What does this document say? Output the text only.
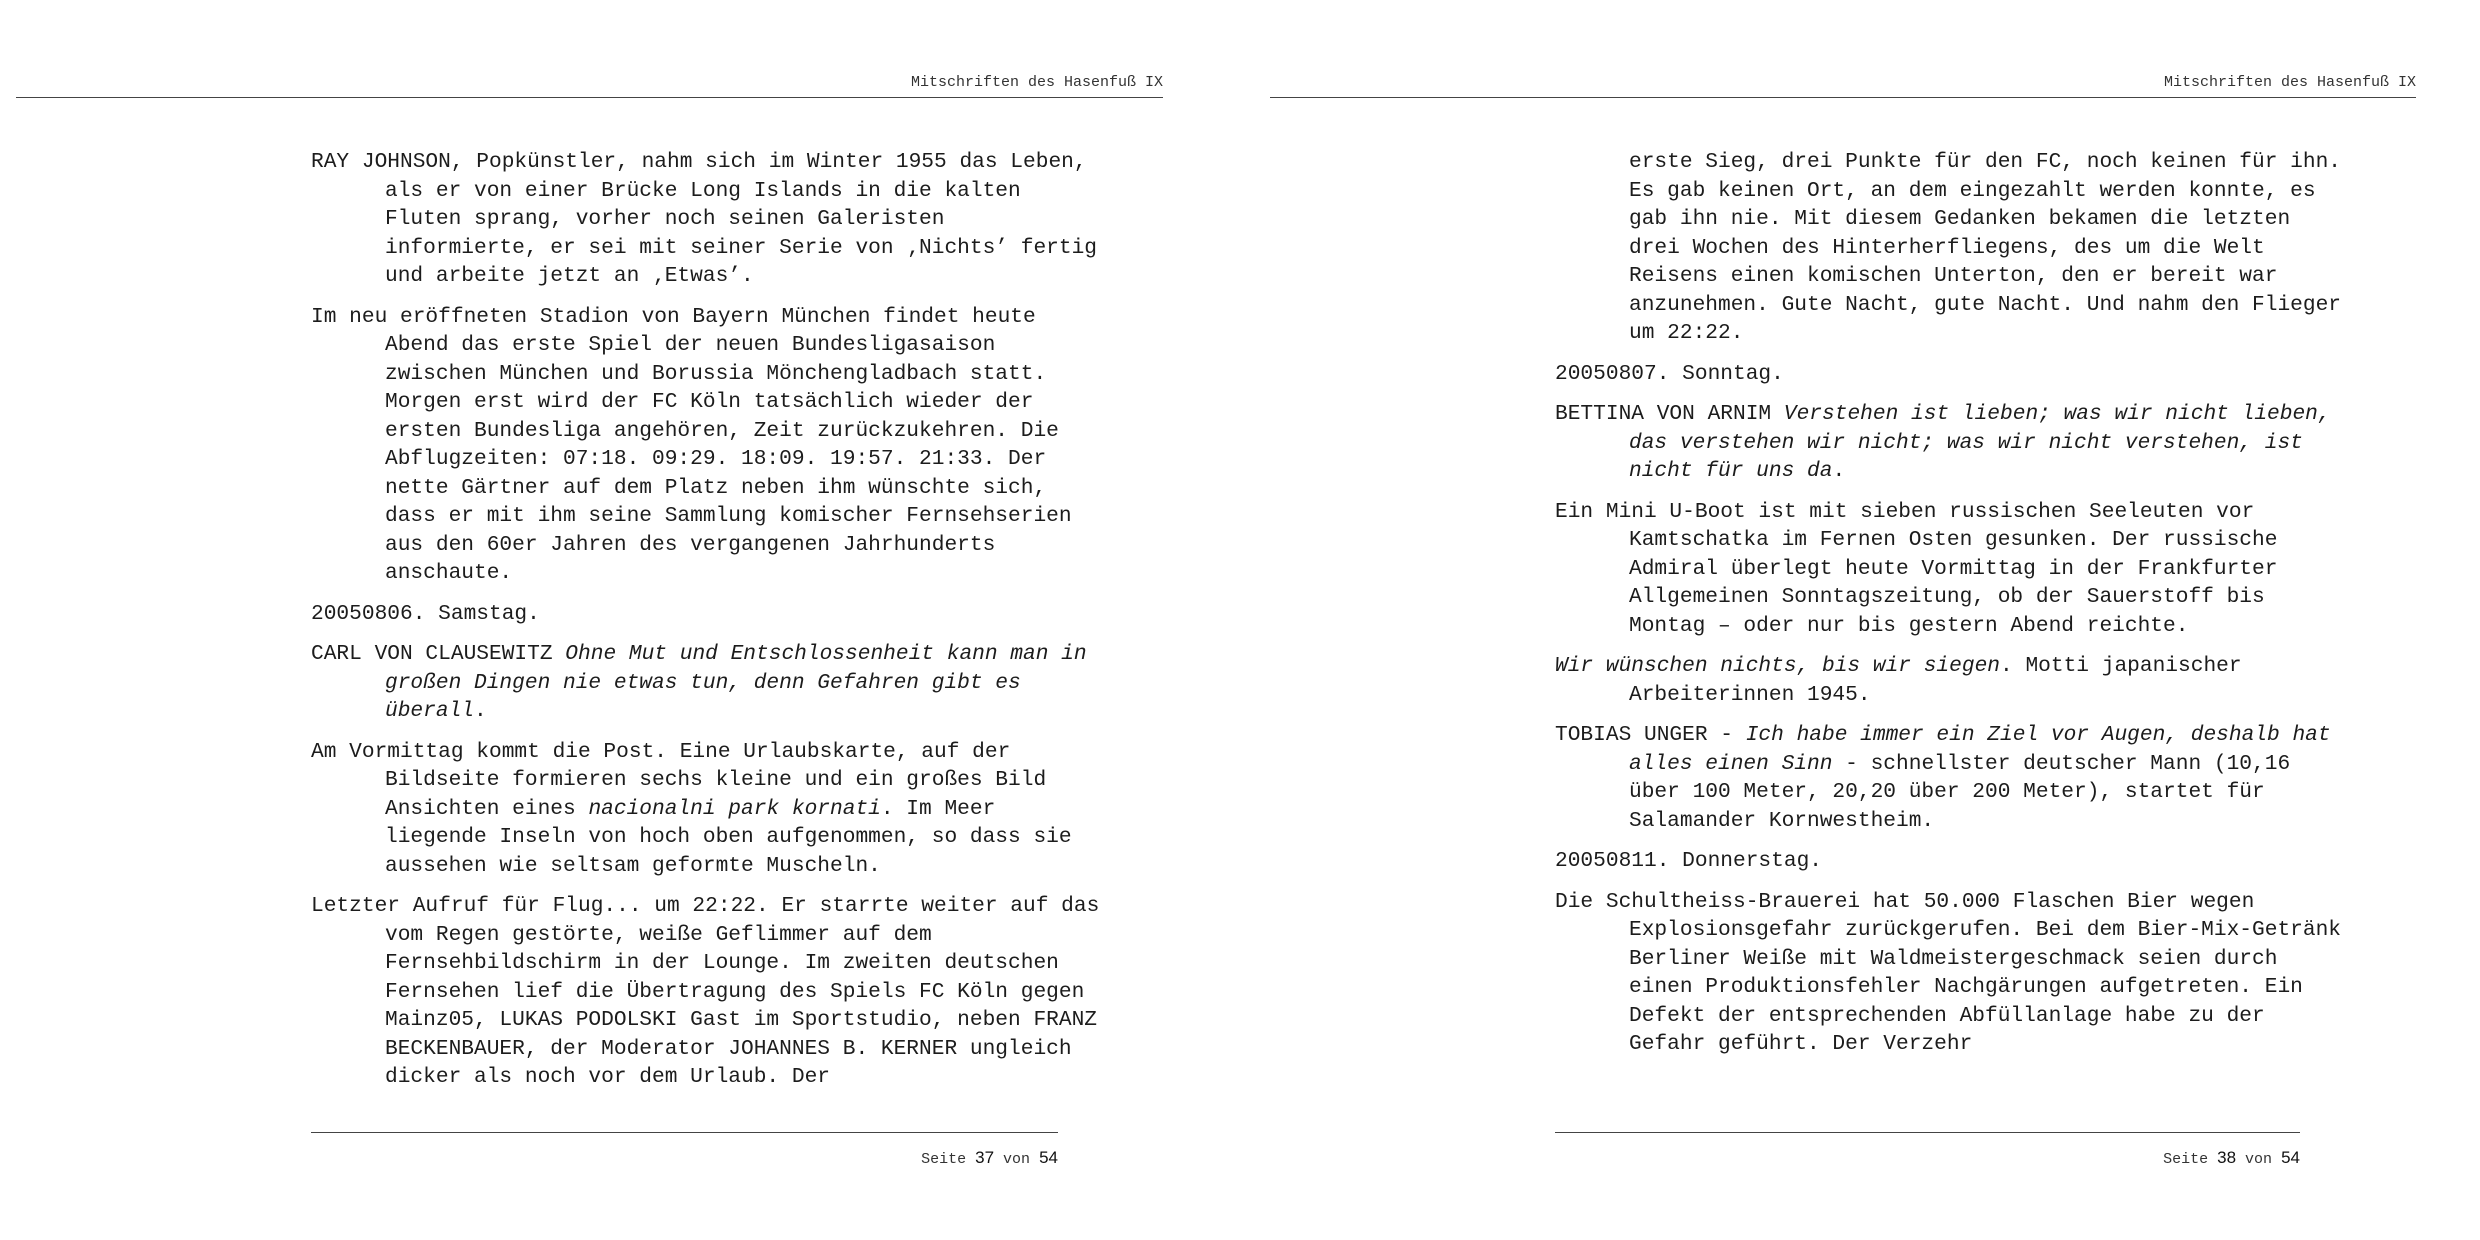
Mitschriften des Hasenfuß IX

RAY JOHNSON, Popkünstler, nahm sich im Winter 1955 das Leben, als er von einer Brücke Long Islands in die kalten Fluten sprang, vorher noch seinen Galeristen informierte, er sei mit seiner Serie von ‚Nichts’ fertig und arbeite jetzt an ‚Etwas’.

Im neu eröffneten Stadion von Bayern München findet heute Abend das erste Spiel der neuen Bundesligasaison zwischen München und Borussia Mönchengladbach statt. Morgen erst wird der FC Köln tatsächlich wieder der ersten Bundesliga angehören, Zeit zurückzukehren. Die Abflugzeiten: 07:18. 09:29. 18:09. 19:57. 21:33. Der nette Gärtner auf dem Platz neben ihm wünschte sich, dass er mit ihm seine Sammlung komischer Fernsehserien aus den 60er Jahren des vergangenen Jahrhunderts anschaute.

20050806. Samstag.

CARL VON CLAUSEWITZ Ohne Mut und Entschlossenheit kann man in großen Dingen nie etwas tun, denn Gefahren gibt es überall.

Am Vormittag kommt die Post. Eine Urlaubskarte, auf der Bildseite formieren sechs kleine und ein großes Bild Ansichten eines nacionalni park kornati. Im Meer liegende Inseln von hoch oben aufgenommen, so dass sie aussehen wie seltsam geformte Muscheln.

Letzter Aufruf für Flug... um 22:22. Er starrte weiter auf das vom Regen gestörte, weiße Geflimmer auf dem Fernsehbildschirm in der Lounge. Im zweiten deutschen Fernsehen lief die Übertragung des Spiels FC Köln gegen Mainz05, LUKAS PODOLSKI Gast im Sportstudio, neben FRANZ BECKENBAUER, der Moderator JOHANNES B. KERNER ungleich dicker als noch vor dem Urlaub. Der

Seite 37 von 54
Mitschriften des Hasenfuß IX

erste Sieg, drei Punkte für den FC, noch keinen für ihn. Es gab keinen Ort, an dem eingezahlt werden konnte, es gab ihn nie. Mit diesem Gedanken bekamen die letzten drei Wochen des Hinterherfliegens, des um die Welt Reisens einen komischen Unterton, den er bereit war anzunehmen. Gute Nacht, gute Nacht. Und nahm den Flieger um 22:22.

20050807. Sonntag.

BETTINA VON ARNIM Verstehen ist lieben; was wir nicht lieben, das verstehen wir nicht; was wir nicht verstehen, ist nicht für uns da.

Ein Mini U-Boot ist mit sieben russischen Seeleuten vor Kamtschatka im Fernen Osten gesunken. Der russische Admiral überlegt heute Vormittag in der Frankfurter Allgemeinen Sonntagszeitung, ob der Sauerstoff bis Montag – oder nur bis gestern Abend reichte.

Wir wünschen nichts, bis wir siegen. Motti japanischer Arbeiterinnen 1945.

TOBIAS UNGER - Ich habe immer ein Ziel vor Augen, deshalb hat alles einen Sinn - schnellster deutscher Mann (10,16 über 100 Meter, 20,20 über 200 Meter), startet für Salamander Kornwestheim.

20050811. Donnerstag.

Die Schultheiss-Brauerei hat 50.000 Flaschen Bier wegen Explosionsgefahr zurückgerufen. Bei dem Bier-Mix-Getränk Berliner Weiße mit Waldmeistergeschmack seien durch einen Produktionsfehler Nachgärungen aufgetreten. Ein Defekt der entsprechenden Abfüllanlage habe zu der Gefahr geführt. Der Verzehr

Seite 38 von 54
